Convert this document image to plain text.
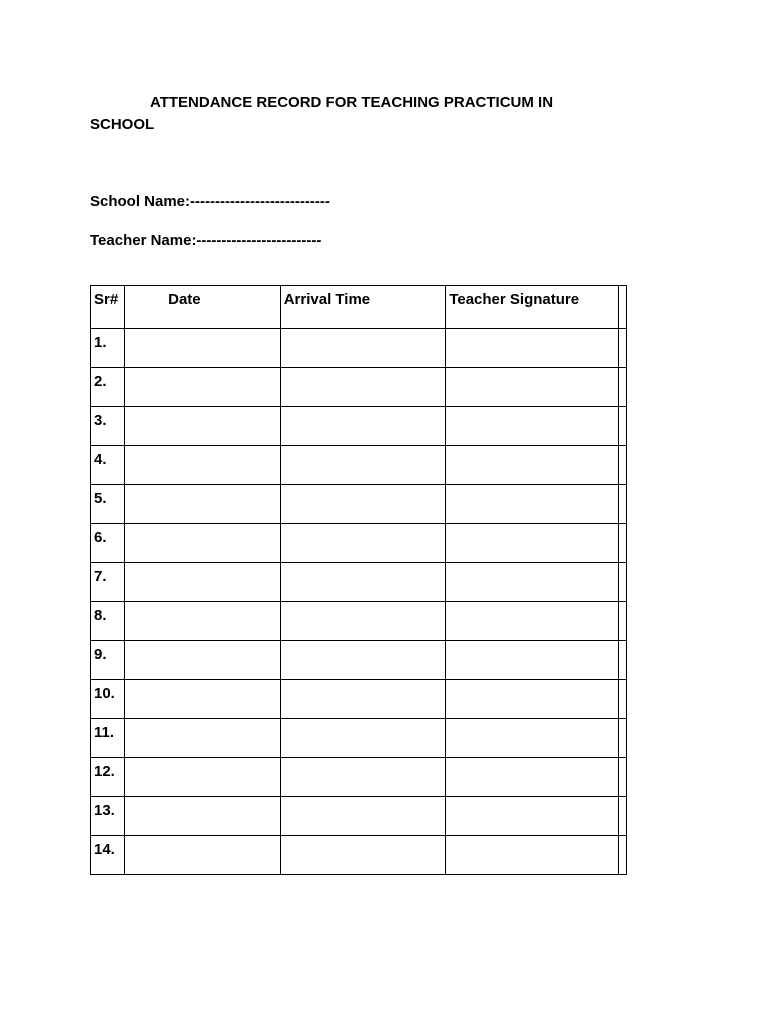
ATTENDANCE RECORD FOR TEACHING PRACTICUM IN SCHOOL
School Name:----------------------------
Teacher Name:-------------------------
Sr#	Date	Arrival Time	Teacher Signature	
1.				
2.				
3.				
4.				
5.				
6.				
7.				
8.				
9.				
10.				
11.				
12.				
13.				
14.				
